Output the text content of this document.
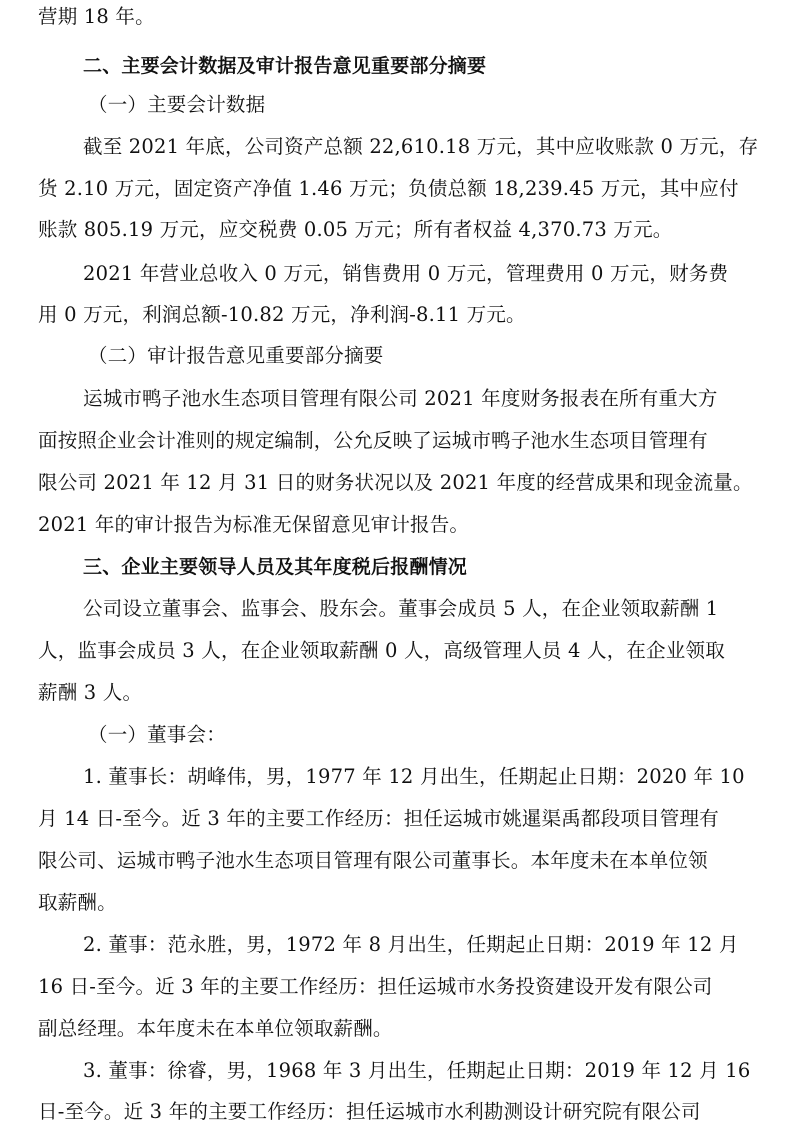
营期 18 年。
二、主要会计数据及审计报告意见重要部分摘要
（一）主要会计数据
截至 2021 年底，公司资产总额 22,610.18 万元，其中应收账款 0 万元，存
货 2.10 万元，固定资产净值 1.46 万元；负债总额 18,239.45 万元，其中应付
账款 805.19 万元，应交税费 0.05 万元；所有者权益 4,370.73 万元。
2021 年营业总收入 0 万元，销售费用 0 万元，管理费用 0 万元，财务费
用 0 万元，利润总额-10.82 万元，净利润-8.11 万元。
（二）审计报告意见重要部分摘要
运城市鸭子池水生态项目管理有限公司 2021 年度财务报表在所有重大方
面按照企业会计准则的规定编制，公允反映了运城市鸭子池水生态项目管理有
限公司 2021 年 12 月 31 日的财务状况以及 2021 年度的经营成果和现金流量。
2021 年的审计报告为标准无保留意见审计报告。
三、企业主要领导人员及其年度税后报酬情况
公司设立董事会、监事会、股东会。董事会成员 5 人，在企业领取薪酬 1
人，监事会成员 3 人，在企业领取薪酬 0 人，高级管理人员 4 人，在企业领取
薪酬 3 人。
（一）董事会：
1. 董事长：胡峰伟，男，1977 年 12 月出生，任期起止日期：2020 年 10
月 14 日-至今。近 3 年的主要工作经历：担任运城市姚暹渠禹都段项目管理有
限公司、运城市鸭子池水生态项目管理有限公司董事长。本年度未在本单位领
取薪酬。
2. 董事：范永胜，男，1972 年 8 月出生，任期起止日期：2019 年 12 月
16 日-至今。近 3 年的主要工作经历：担任运城市水务投资建设开发有限公司
副总经理。本年度未在本单位领取薪酬。
3. 董事：徐睿，男，1968 年 3 月出生，任期起止日期：2019 年 12 月 16
日-至今。近 3 年的主要工作经历：担任运城市水利勘测设计研究院有限公司
